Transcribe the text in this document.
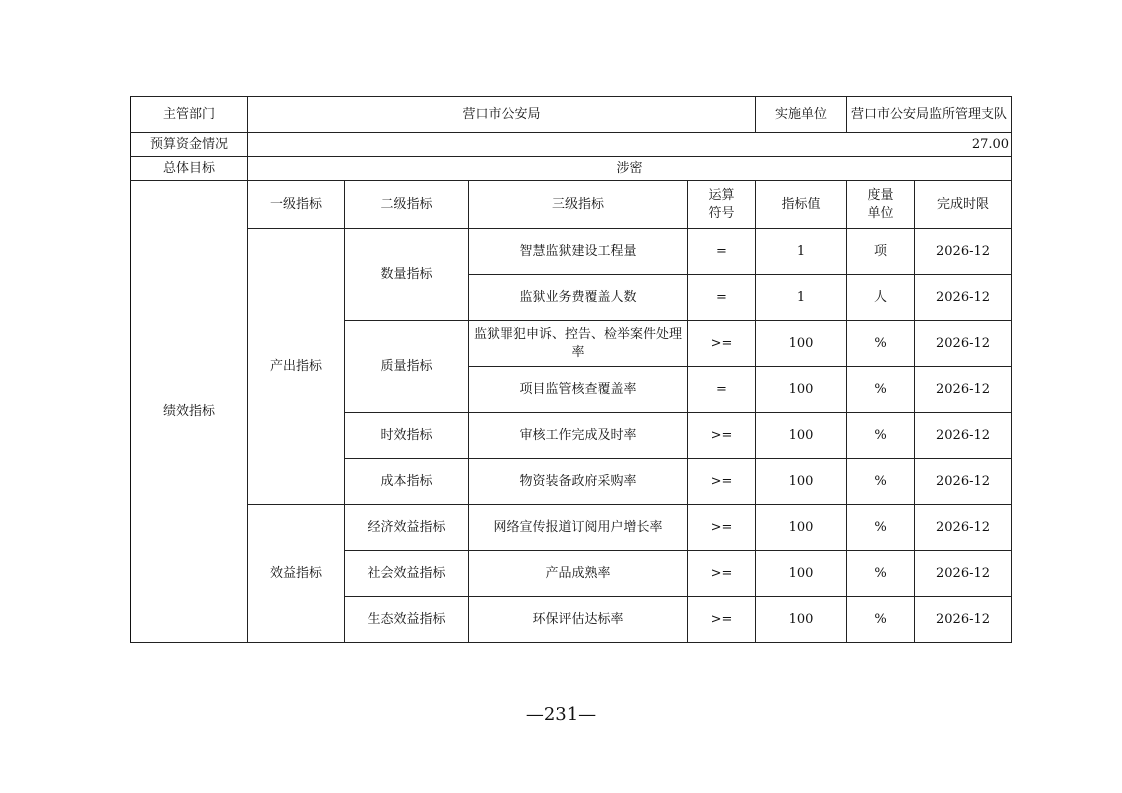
主管部门	营口市公安局				实施单位	营口市公安局监所管理支队	
预算资金情况	27.00						
总体目标	涉密						
绩效指标	一级指标	二级指标	三级指标	运算符号	指标值	度量单位	完成时限
	产出指标	数量指标	智慧监狱建设工程量	=	1	项	2026-12
			监狱业务费覆盖人数	=	1	人	2026-12
		质量指标	监狱罪犯申诉、控告、检举案件处理率	>=	100	%	2026-12
			项目监管核查覆盖率	=	100	%	2026-12
		时效指标	审核工作完成及时率	>=	100	%	2026-12
		成本指标	物资装备政府采购率	>=	100	%	2026-12
	效益指标	经济效益指标	网络宣传报道订阅用户增长率	>=	100	%	2026-12
		社会效益指标	产品成熟率	>=	100	%	2026-12
		生态效益指标	环保评估达标率	>=	100	%	2026-12
—231—
